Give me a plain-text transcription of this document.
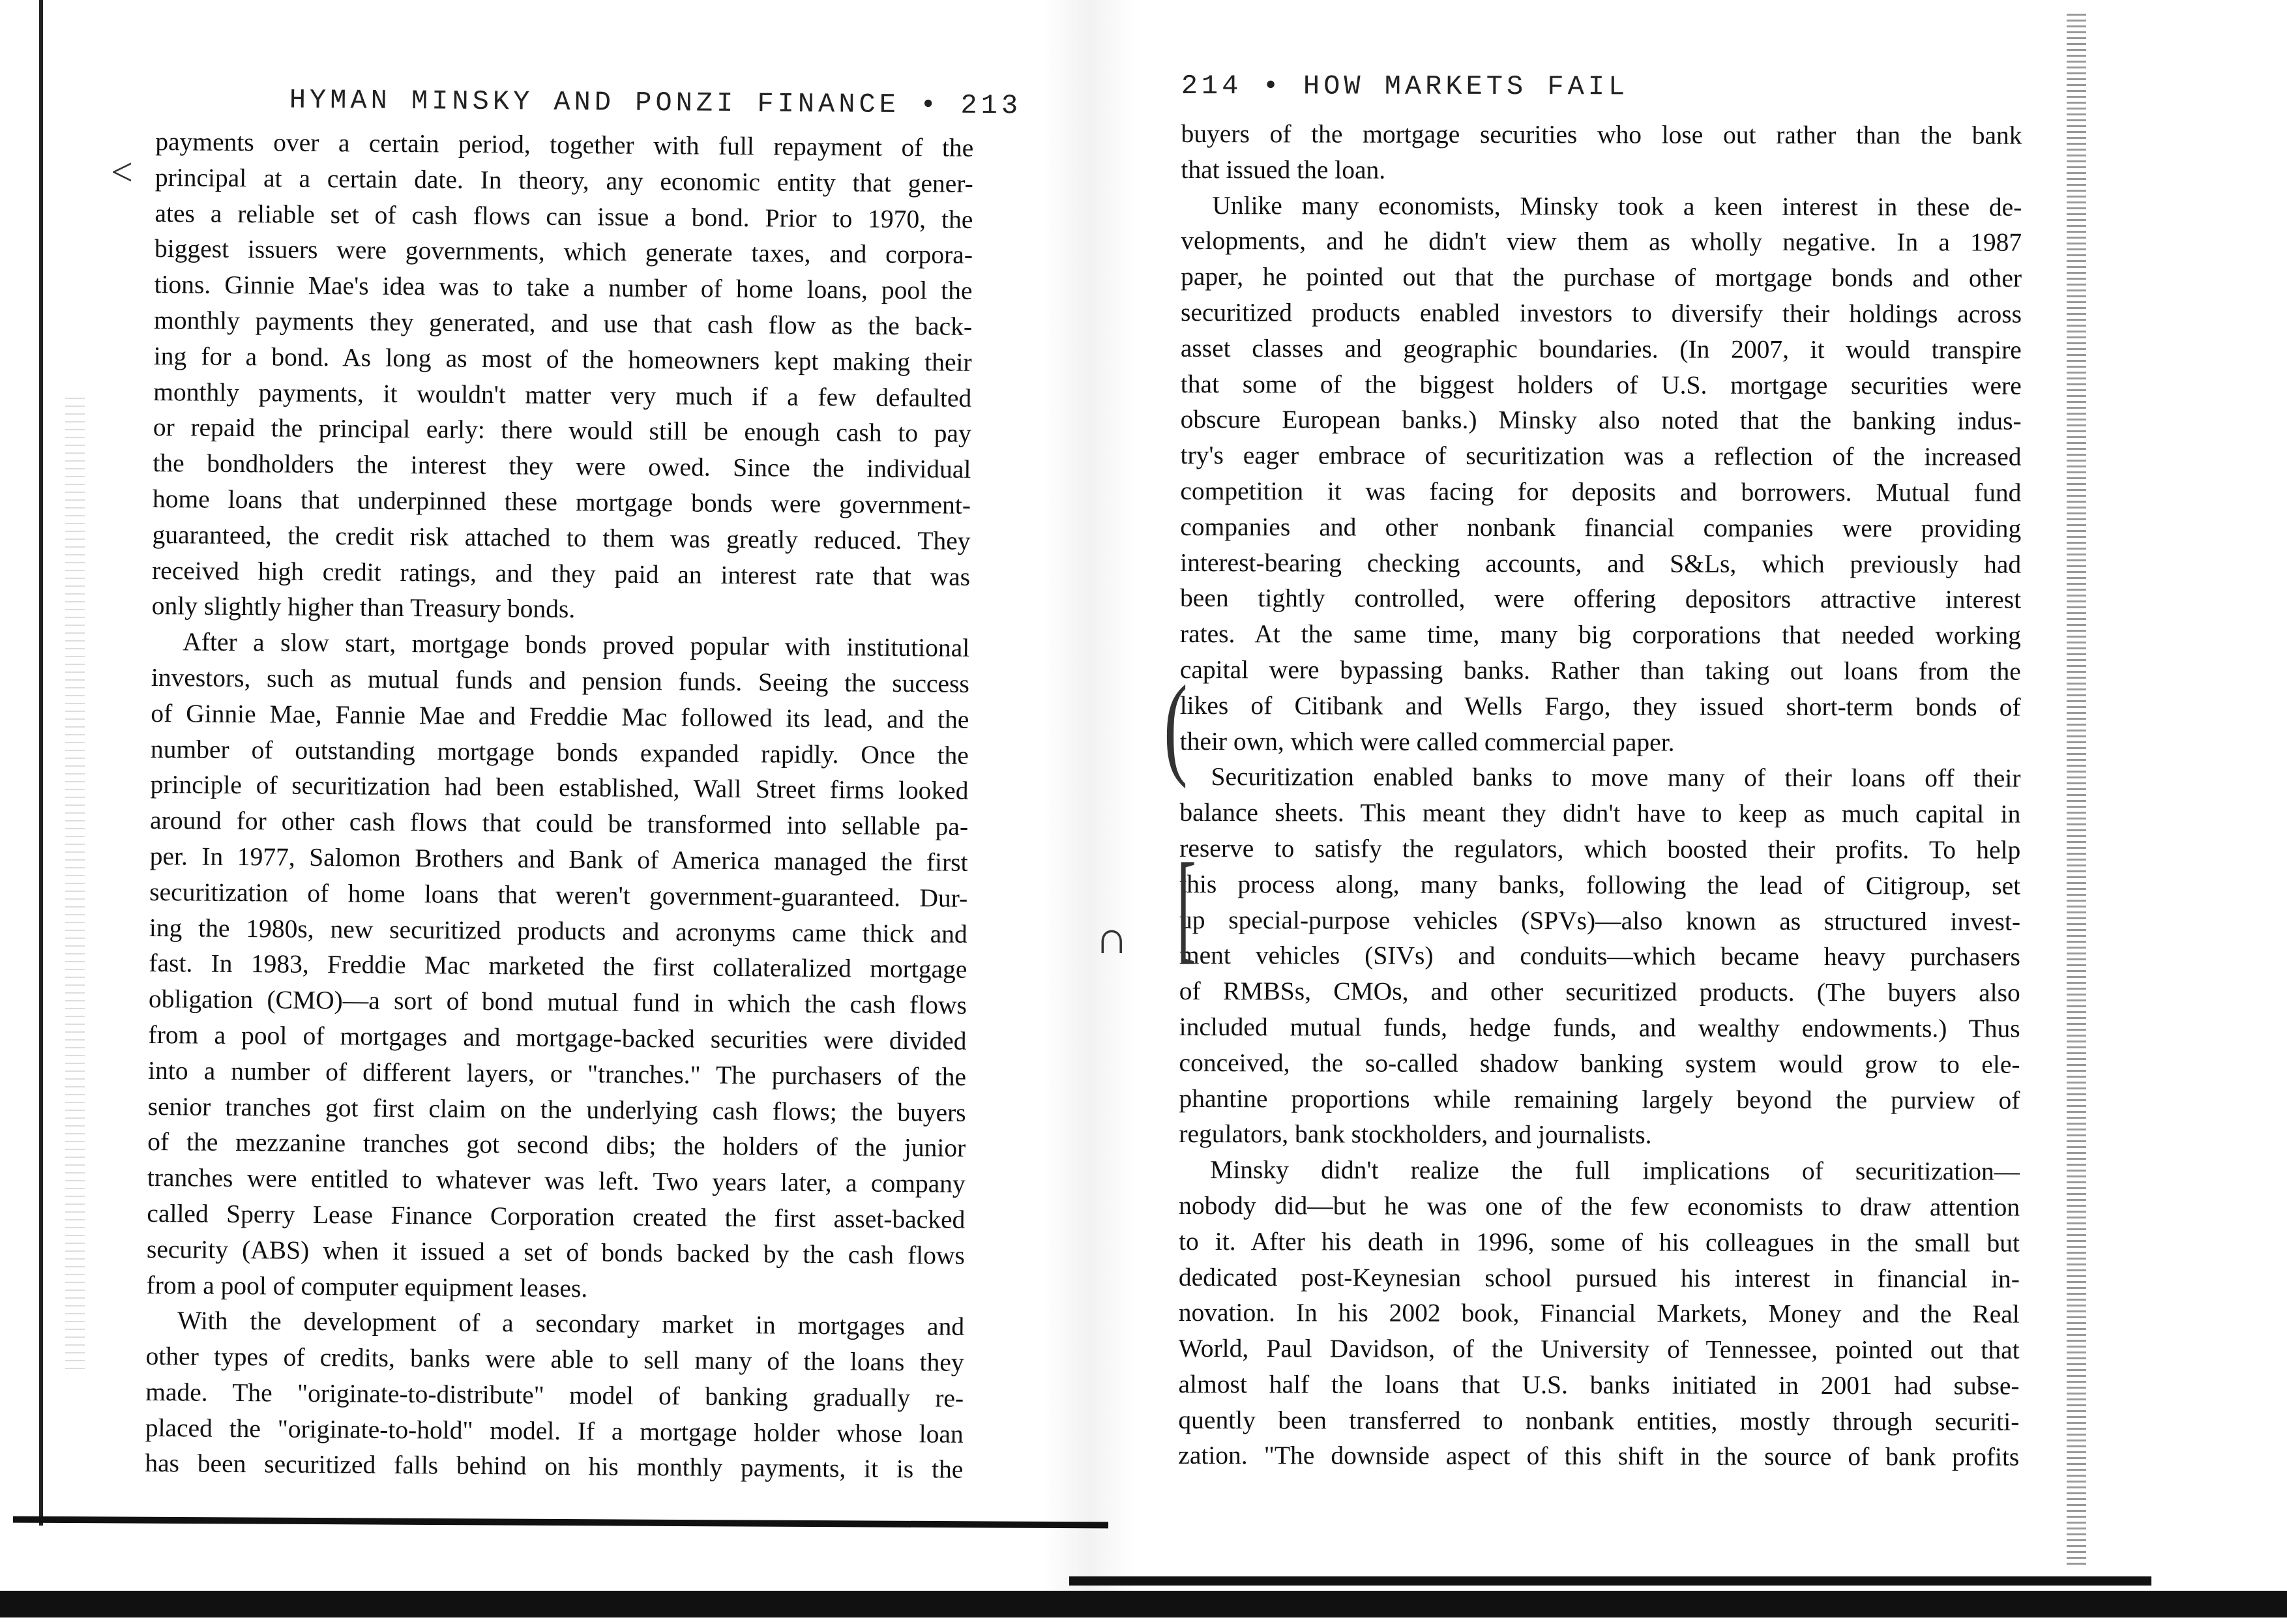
HYMAN MINSKY AND PONZI FINANCE • 213
payments over a certain period, together with full repayment of the
principal at a certain date. In theory, any economic entity that gener-
ates a reliable set of cash flows can issue a bond. Prior to 1970, the
biggest issuers were governments, which generate taxes, and corpora-
tions. Ginnie Mae's idea was to take a number of home loans, pool the
monthly payments they generated, and use that cash flow as the back-
ing for a bond. As long as most of the homeowners kept making their
monthly payments, it wouldn't matter very much if a few defaulted
or repaid the principal early: there would still be enough cash to pay
the bondholders the interest they were owed. Since the individual
home loans that underpinned these mortgage bonds were government-
guaranteed, the credit risk attached to them was greatly reduced. They
received high credit ratings, and they paid an interest rate that was
only slightly higher than Treasury bonds.
After a slow start, mortgage bonds proved popular with institutional
investors, such as mutual funds and pension funds. Seeing the success
of Ginnie Mae, Fannie Mae and Freddie Mac followed its lead, and the
number of outstanding mortgage bonds expanded rapidly. Once the
principle of securitization had been established, Wall Street firms looked
around for other cash flows that could be transformed into sellable pa-
per. In 1977, Salomon Brothers and Bank of America managed the first
securitization of home loans that weren't government-guaranteed. Dur-
ing the 1980s, new securitized products and acronyms came thick and
fast. In 1983, Freddie Mac marketed the first collateralized mortgage
obligation (CMO)—a sort of bond mutual fund in which the cash flows
from a pool of mortgages and mortgage-backed securities were divided
into a number of different layers, or "tranches." The purchasers of the
senior tranches got first claim on the underlying cash flows; the buyers
of the mezzanine tranches got second dibs; the holders of the junior
tranches were entitled to whatever was left. Two years later, a company
called Sperry Lease Finance Corporation created the first asset-backed
security (ABS) when it issued a set of bonds backed by the cash flows
from a pool of computer equipment leases.
With the development of a secondary market in mortgages and
other types of credits, banks were able to sell many of the loans they
made. The "originate-to-distribute" model of banking gradually re-
placed the "originate-to-hold" model. If a mortgage holder whose loan
has been securitized falls behind on his monthly payments, it is the
214 • HOW MARKETS FAIL
buyers of the mortgage securities who lose out rather than the bank
that issued the loan.
Unlike many economists, Minsky took a keen interest in these de-
velopments, and he didn't view them as wholly negative. In a 1987
paper, he pointed out that the purchase of mortgage bonds and other
securitized products enabled investors to diversify their holdings across
asset classes and geographic boundaries. (In 2007, it would transpire
that some of the biggest holders of U.S. mortgage securities were
obscure European banks.) Minsky also noted that the banking indus-
try's eager embrace of securitization was a reflection of the increased
competition it was facing for deposits and borrowers. Mutual fund
companies and other nonbank financial companies were providing
interest-bearing checking accounts, and S&Ls, which previously had
been tightly controlled, were offering depositors attractive interest
rates. At the same time, many big corporations that needed working
capital were bypassing banks. Rather than taking out loans from the
likes of Citibank and Wells Fargo, they issued short-term bonds of
their own, which were called commercial paper.
Securitization enabled banks to move many of their loans off their
balance sheets. This meant they didn't have to keep as much capital in
reserve to satisfy the regulators, which boosted their profits. To help
this process along, many banks, following the lead of Citigroup, set
up special-purpose vehicles (SPVs)—also known as structured invest-
ment vehicles (SIVs) and conduits—which became heavy purchasers
of RMBSs, CMOs, and other securitized products. (The buyers also
included mutual funds, hedge funds, and wealthy endowments.) Thus
conceived, the so-called shadow banking system would grow to ele-
phantine proportions while remaining largely beyond the purview of
regulators, bank stockholders, and journalists.
Minsky didn't realize the full implications of securitization—
nobody did—but he was one of the few economists to draw attention
to it. After his death in 1996, some of his colleagues in the small but
dedicated post-Keynesian school pursued his interest in financial in-
novation. In his 2002 book, Financial Markets, Money and the Real
World, Paul Davidson, of the University of Tennessee, pointed out that
almost half the loans that U.S. banks initiated in 2001 had subse-
quently been transferred to nonbank entities, mostly through securiti-
zation. "The downside aspect of this shift in the source of bank profits
<
(
[
∩
